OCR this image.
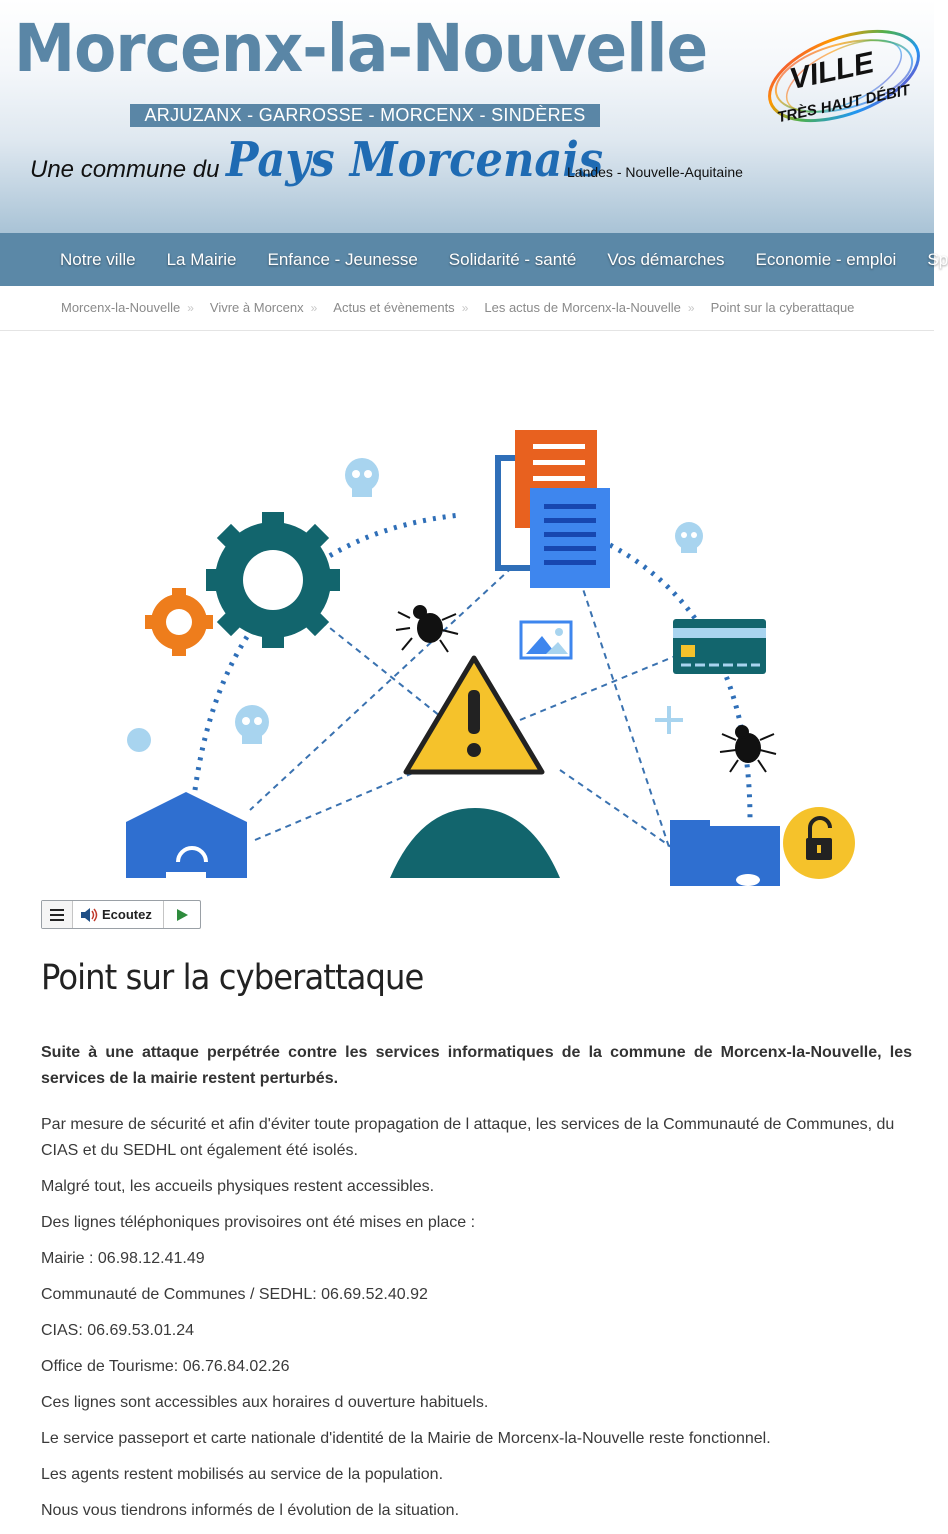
Morcenx-la-Nouvelle
ARJUZANX - GARROSSE - MORCENX - SINDÈRES
Une commune du Pays Morcenais
Landes - Nouvelle-Aquitaine
VILLE
TRÈS HAUT DÉBIT
Notre ville La Mairie Enfance - Jeunesse Solidarité - santé Vos démarches Economie - emploi Sp
Morcenx-la-Nouvelle » Vivre à Morcenx » Actus et évènements » Les actus de Morcenx-la-Nouvelle » Point sur la cyberattaque
Ecoutez
Point sur la cyberattaque

Suite à une attaque perpétrée contre les services informatiques de la commune de Morcenx-la-Nouvelle, les services de la mairie restent perturbés.

Par mesure de sécurité et afin d'éviter toute propagation de l attaque, les services de la Communauté de Communes, du CIAS et du SEDHL ont également été isolés.

Malgré tout, les accueils physiques restent accessibles.

Des lignes téléphoniques provisoires ont été mises en place :

Mairie : 06.98.12.41.49

Communauté de Communes / SEDHL: 06.69.52.40.92

CIAS: 06.69.53.01.24

Office de Tourisme: 06.76.84.02.26

Ces lignes sont accessibles aux horaires d ouverture habituels.

Le service passeport et carte nationale d'identité de la Mairie de Morcenx-la-Nouvelle reste fonctionnel.

Les agents restent mobilisés au service de la population.

Nous vous tiendrons informés de l évolution de la situation.
